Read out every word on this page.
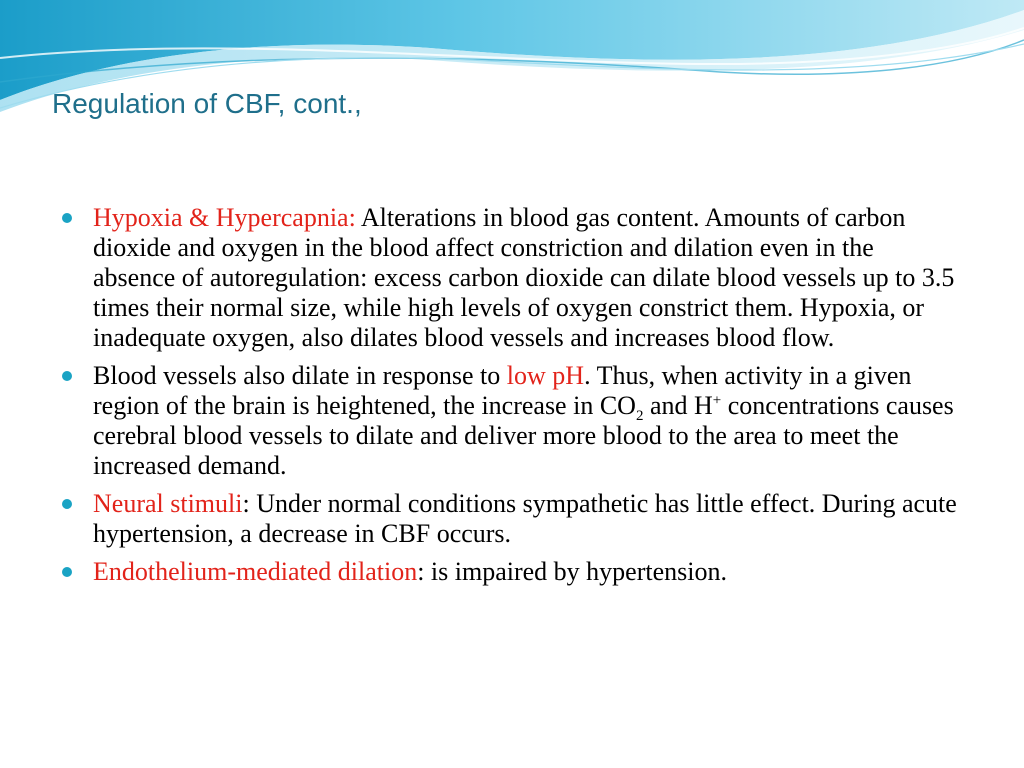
Regulation of CBF, cont.,
Hypoxia & Hypercapnia: Alterations in blood gas content. Amounts of carbon dioxide and oxygen in the blood affect constriction and dilation even in the absence of autoregulation: excess carbon dioxide can dilate blood vessels up to 3.5 times their normal size, while high levels of oxygen constrict them. Hypoxia, or inadequate oxygen, also dilates blood vessels and increases blood flow.
Blood vessels also dilate in response to low pH. Thus, when activity in a given region of the brain is heightened, the increase in $CO_2$ and H+ concentrations causes cerebral blood vessels to dilate and deliver more blood to the area to meet the increased demand.
Neural stimuli: Under normal conditions sympathetic has little effect. During acute hypertension, a decrease in CBF occurs.
Endothelium-mediated dilation: is impaired by hypertension.
